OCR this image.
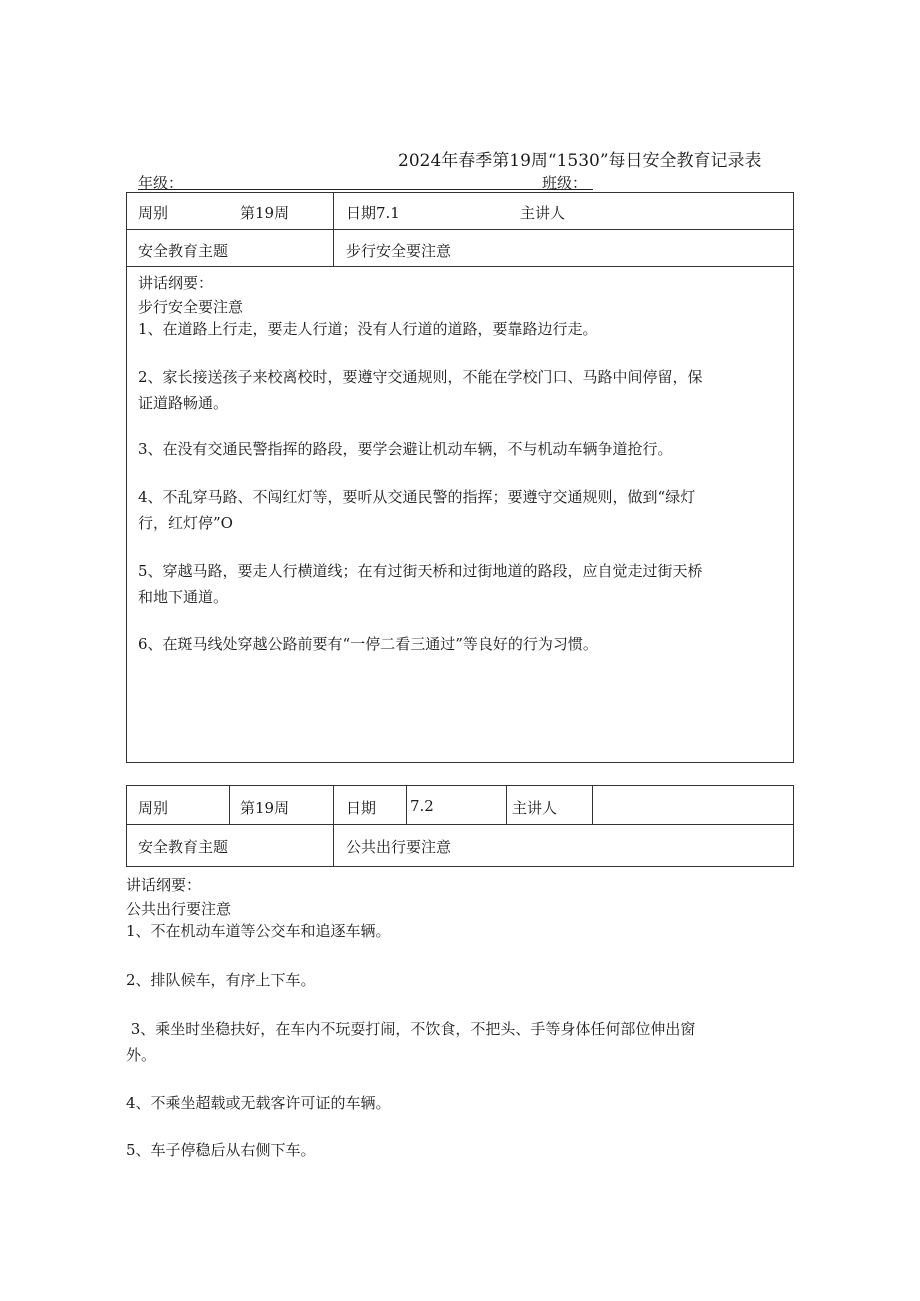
2024年春季第19周“1530”每日安全教育记录表
年级：	班级：
周别	第19周	日期7.1	主讲人
安全教育主题	步行安全要注意
讲话纲要：
步行安全要注意
1、在道路上行走，要走人行道；没有人行道的道路，要靠路边行走。
2、家长接送孩子来校离校时，要遵守交通规则，不能在学校门口、马路中间停留，保
证道路畅通。
3、在没有交通民警指挥的路段，要学会避让机动车辆，不与机动车辆争道抢行。
4、不乱穿马路、不闯红灯等，要听从交通民警的指挥；要遵守交通规则，做到“绿灯
行，红灯停”O
5、穿越马路，要走人行横道线；在有过街天桥和过街地道的路段，应自觉走过街天桥
和地下通道。
6、在斑马线处穿越公路前要有“一停二看三通过”等良好的行为习惯。
周别	第19周	日期 7.2	主讲人
安全教育主题	公共出行要注意
讲话纲要：
公共出行要注意
1、不在机动车道等公交车和追逐车辆。
2、排队候车，有序上下车。
3、乘坐时坐稳扶好，在车内不玩耍打闹，不饮食，不把头、手等身体任何部位伸出窗
外。
4、不乘坐超载或无载客许可证的车辆。
5、车子停稳后从右侧下车。
